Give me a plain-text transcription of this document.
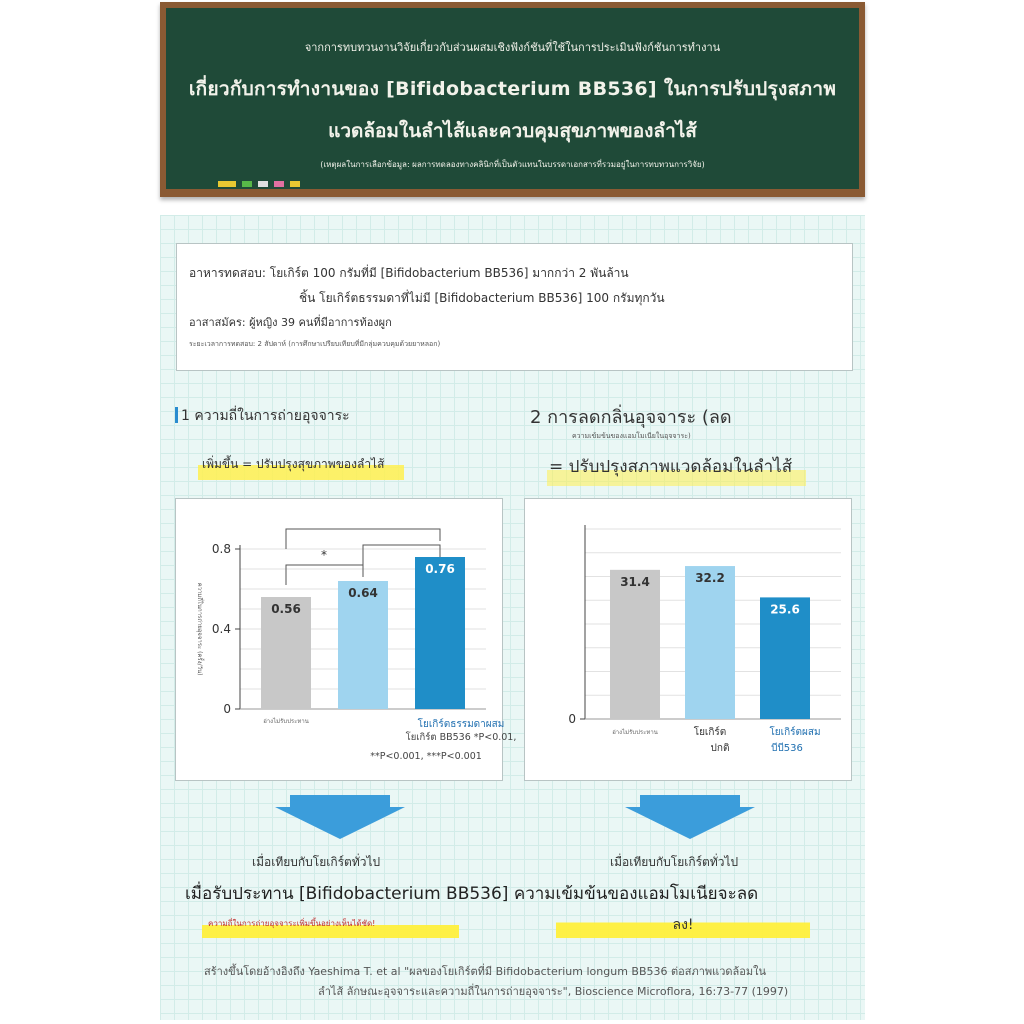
จากการทบทวนงานวิจัยเกี่ยวกับส่วนผสมเชิงฟังก์ชันที่ใช้ในการประเมินฟังก์ชันการทำงาน
เกี่ยวกับการทำงานของ [Bifidobacterium BB536] ในการปรับปรุงสภาพ
แวดล้อมในลำไส้และควบคุมสุขภาพของลำไส้
(เหตุผลในการเลือกข้อมูล: ผลการทดลองทางคลินิกที่เป็นตัวแทนในบรรดาเอกสารที่รวมอยู่ในการทบทวนการวิจัย)
อาหารทดสอบ: โยเกิร์ต 100 กรัมที่มี [Bifidobacterium BB536] มากกว่า 2 พันล้าน
ชิ้น โยเกิร์ตธรรมดาที่ไม่มี [Bifidobacterium BB536] 100 กรัมทุกวัน
อาสาสมัคร: ผู้หญิง 39 คนที่มีอาการท้องผูก
ระยะเวลาการทดสอบ: 2 สัปดาห์ (การศึกษาเปรียบเทียบที่มีกลุ่มควบคุมด้วยยาหลอก)
1 ความถี่ในการถ่ายอุจจาระ	2 การลดกลิ่นอุจจาระ (ลด
ความเข้มข้นของแอมโมเนียในอุจจาระ)
เพิ่มขึ้น = ปรับปรุงสุขภาพของลำไส้	= ปรับปรุงสภาพแวดล้อมในลำไส้
0
0.4
0.8
0.56
0.64
0.76
ความถี่ในการถ่ายอุจจาระ (ครั้ง/วัน)
*
อ่างไม่รับประทาน	โยเกิร์ตธรรมดาผสม
โยเกิร์ต BB536 *P<0.01,
**P<0.001, ***P<0.001
0
31.4	32.2
25.6
อ่างไม่รับประทาน	โยเกิร์ต
ปกติ
โยเกิร์ตผสม
บีบี536
เมื่อเทียบกับโยเกิร์ตทั่วไป	เมื่อเทียบกับโยเกิร์ตทั่วไป
เมื่อรับประทาน [Bifidobacterium BB536] ความเข้มข้นของแอมโมเนียจะลด
ความถี่ในการถ่ายอุจจาระเพิ่มขึ้นอย่างเห็นได้ชัด!	ลง!
สร้างขึ้นโดยอ้างอิงถึง Yaeshima T. et al "ผลของโยเกิร์ตที่มี Bifidobacterium longum BB536 ต่อสภาพแวดล้อมใน
ลำไส้ ลักษณะอุจจาระและความถี่ในการถ่ายอุจจาระ", Bioscience Microflora, 16:73-77 (1997)
